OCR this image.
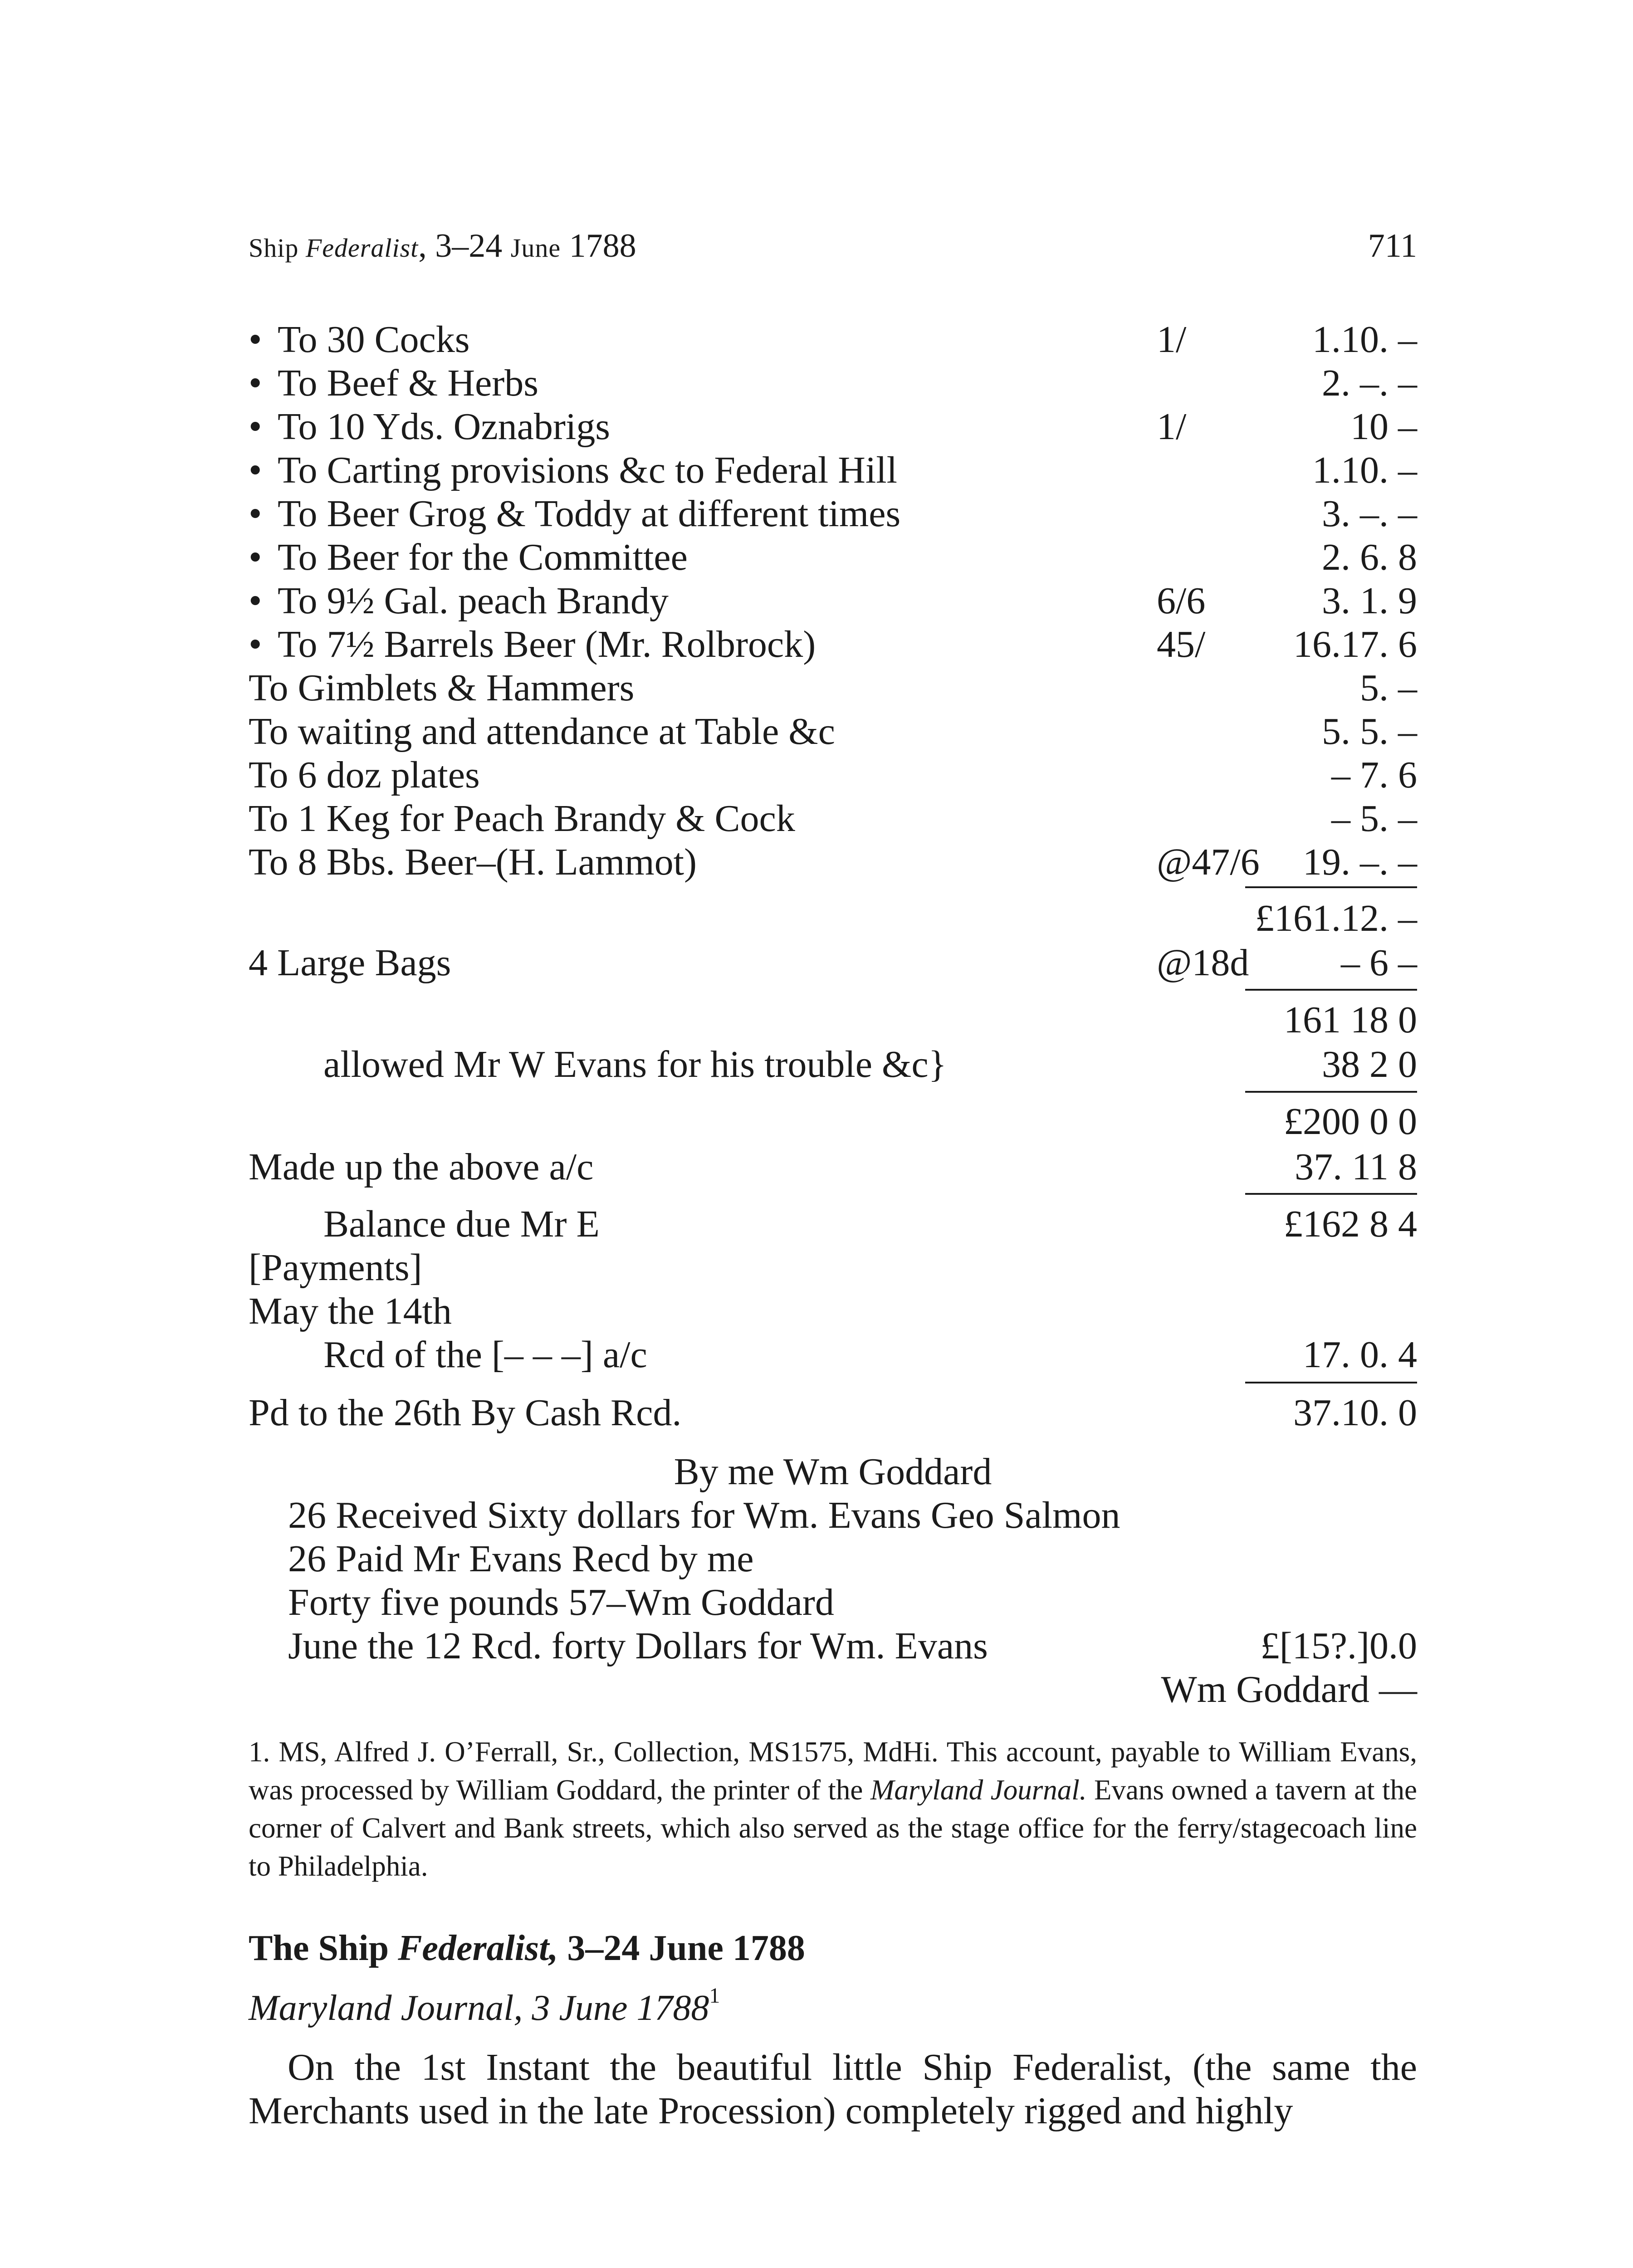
Ship Federalist, 3–24 June 1788	711
• To 30 Cocks	1/	1.10. –
• To Beef & Herbs	2. –. –
• To 10 Yds. Oznabrigs	1/	10 –
• To Carting provisions &c to Federal Hill	1.10. –
• To Beer Grog & Toddy at different times	3. –. –
• To Beer for the Committee	2. 6. 8
• To 9½ Gal. peach Brandy	6/6	3. 1. 9
• To 7½ Barrels Beer (Mr. Rolbrock)	45/ 16.17. 6
To Gimblets & Hammers	5. –
To waiting and attendance at Table &c	5. 5. –
To 6 doz plates	– 7. 6
To 1 Keg for Peach Brandy & Cock	– 5. –
To 8 Bbs. Beer–(H. Lammot)	@47/6 19. –. –
£161.12. –
4 Large Bags	@18d – 6 –
161 18 0
allowed Mr W Evans for his trouble &c}	38 2 0
£200 0 0
Made up the above a/c	37. 11 8
Balance due Mr E	£162 8 4
[Payments]
May the 14th
Rcd of the [– – –] a/c	17. 0. 4
Pd to the 26th By Cash Rcd.	37.10. 0
By me Wm Goddard
26 Received Sixty dollars for Wm. Evans Geo Salmon
26 Paid Mr Evans Recd by me
Forty five pounds 57–Wm Goddard
June the 12 Rcd. forty Dollars for Wm. Evans	£[15?.]0.0
Wm Goddard —
1. MS, Alfred J. O’Ferrall, Sr., Collection, MS1575, MdHi. This account, payable to William Evans, was processed by William Goddard, the printer of the Maryland Journal. Evans owned a tavern at the corner of Calvert and Bank streets, which also served as the stage office for the ferry/stagecoach line to Philadelphia.
The Ship Federalist, 3–24 June 1788
Maryland Journal, 3 June 1788$^1$
On the 1st Instant the beautiful little Ship Federalist, (the same the Merchants used in the late Procession) completely rigged and highly
